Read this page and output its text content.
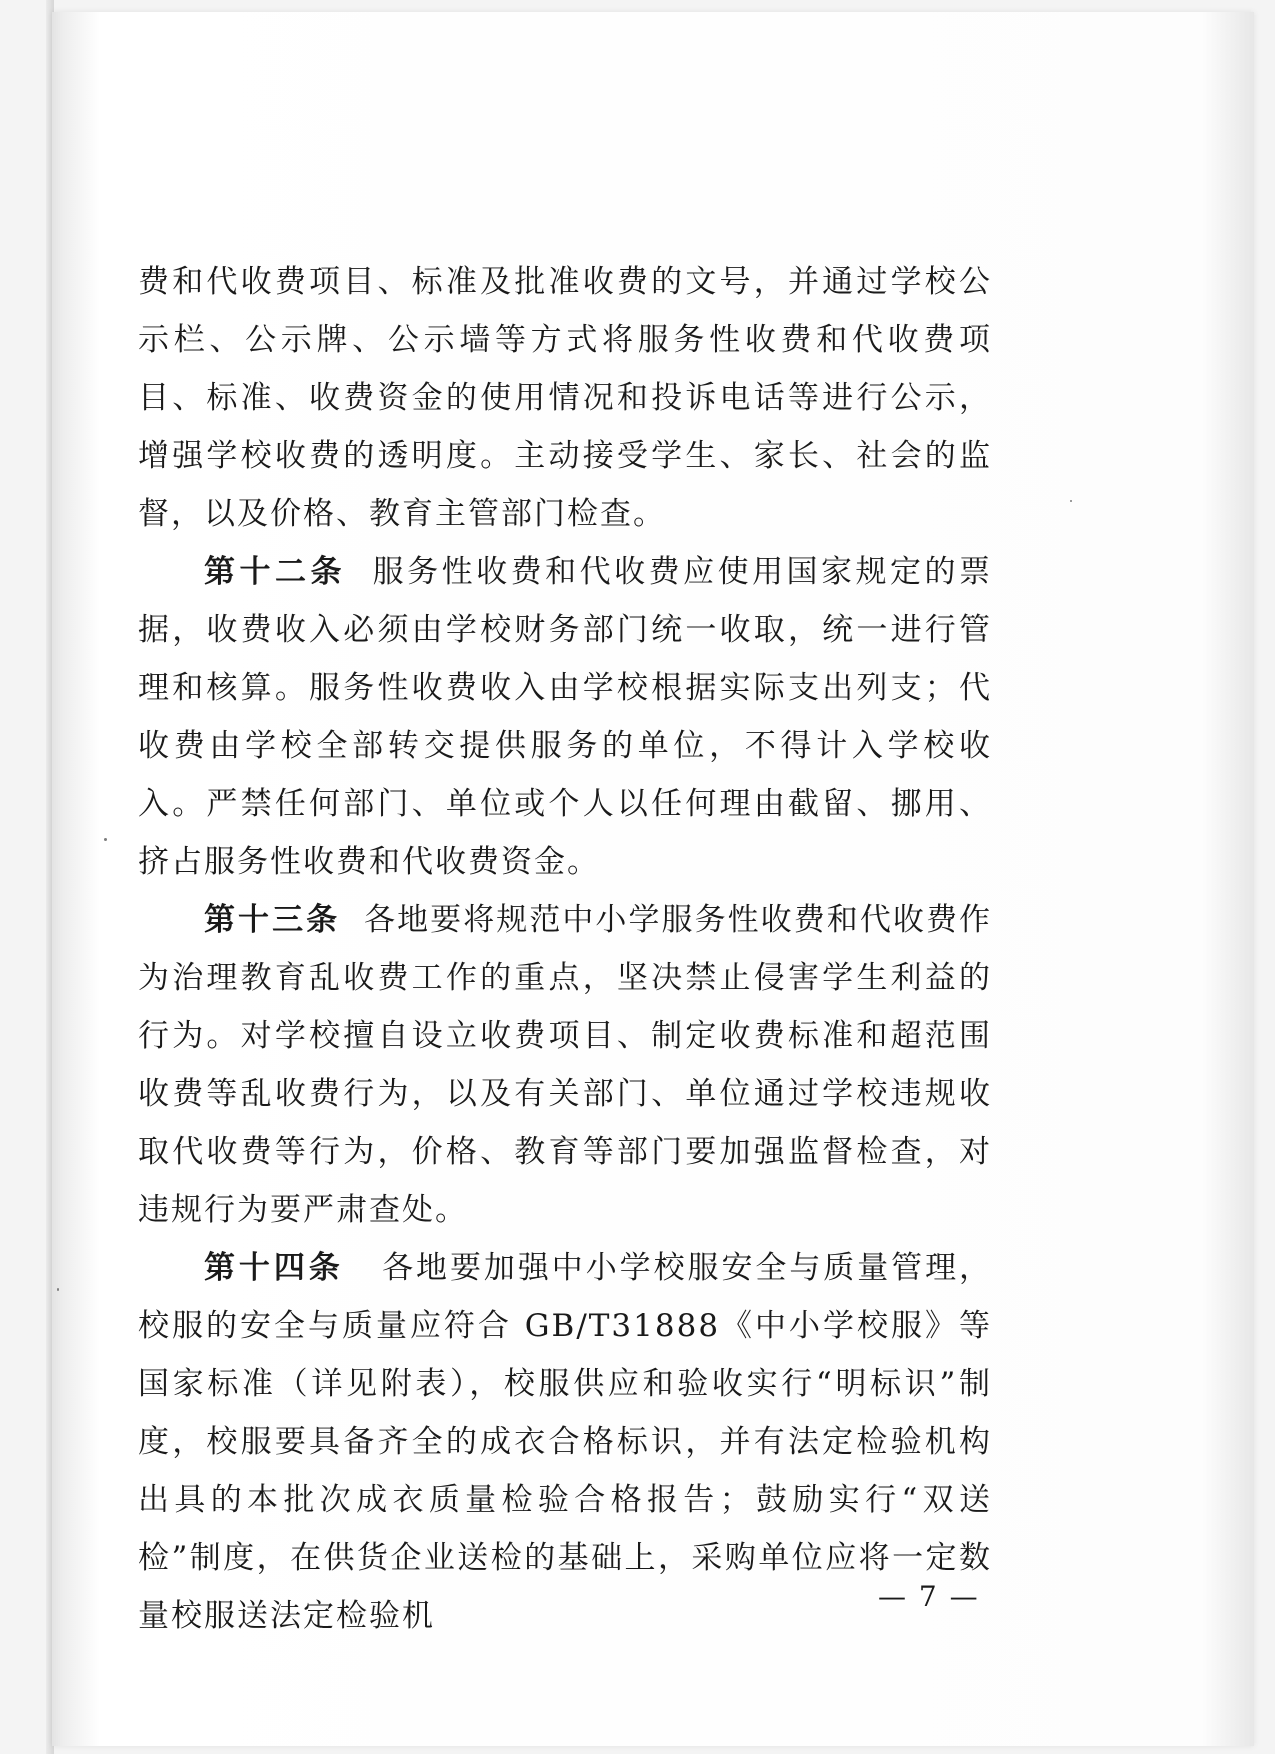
费和代收费项目、标准及批准收费的文号，并通过学校公示栏、公示牌、公示墙等方式将服务性收费和代收费项目、标准、收费资金的使用情况和投诉电话等进行公示，增强学校收费的透明度。主动接受学生、家长、社会的监督，以及价格、教育主管部门检查。

第十二条 服务性收费和代收费应使用国家规定的票据，收费收入必须由学校财务部门统一收取，统一进行管理和核算。服务性收费收入由学校根据实际支出列支；代收费由学校全部转交提供服务的单位，不得计入学校收入。严禁任何部门、单位或个人以任何理由截留、挪用、挤占服务性收费和代收费资金。

第十三条 各地要将规范中小学服务性收费和代收费作为治理教育乱收费工作的重点，坚决禁止侵害学生利益的行为。对学校擅自设立收费项目、制定收费标准和超范围收费等乱收费行为，以及有关部门、单位通过学校违规收取代收费等行为，价格、教育等部门要加强监督检查，对违规行为要严肃查处。

第十四条 各地要加强中小学校服安全与质量管理，校服的安全与质量应符合 GB/T31888《中小学校服》等国家标准（详见附表），校服供应和验收实行“明标识”制度，校服要具备齐全的成衣合格标识，并有法定检验机构出具的本批次成衣质量检验合格报告；鼓励实行“双送检”制度，在供货企业送检的基础上，采购单位应将一定数量校服送法定检验机

— 7 —
